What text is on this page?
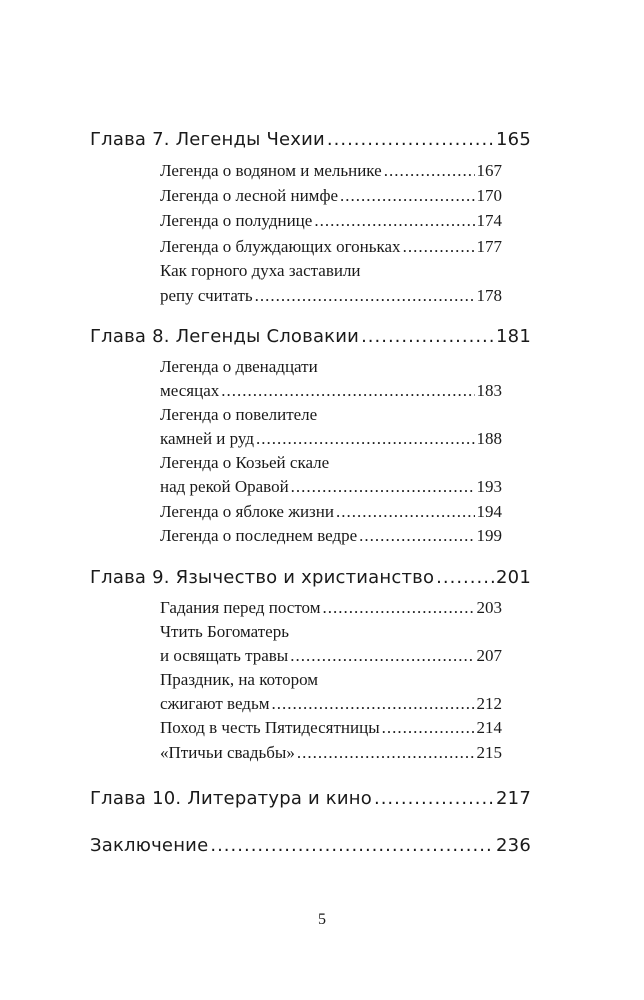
Глава 7. Легенды Чехии .....	165
Легенда о водяном и мельнике .....	167
Легенда о лесной нимфе .....	170
Легенда о полуднице .....	174
Легенда о блуждающих огоньках .....	177
Как горного духа заставили
репу считать .....	178
Глава 8. Легенды Словакии .....	181
Легенда о двенадцати
месяцах .....	183
Легенда о повелителе
камней и руд .....	188
Легенда о Козьей скале
над рекой Оравой .....	193
Легенда о яблоке жизни .....	194
Легенда о последнем ведре .....	199
Глава 9. Язычество и христианство .....	201
Гадания перед постом .....	203
Чтить Богоматерь
и освящать травы .....	207
Праздник, на котором
сжигают ведьм .....	212
Поход в честь Пятидесятницы .....	214
«Птичьи свадьбы» .....	215
Глава 10. Литература и кино .....	217
Заключение .....	236
5
